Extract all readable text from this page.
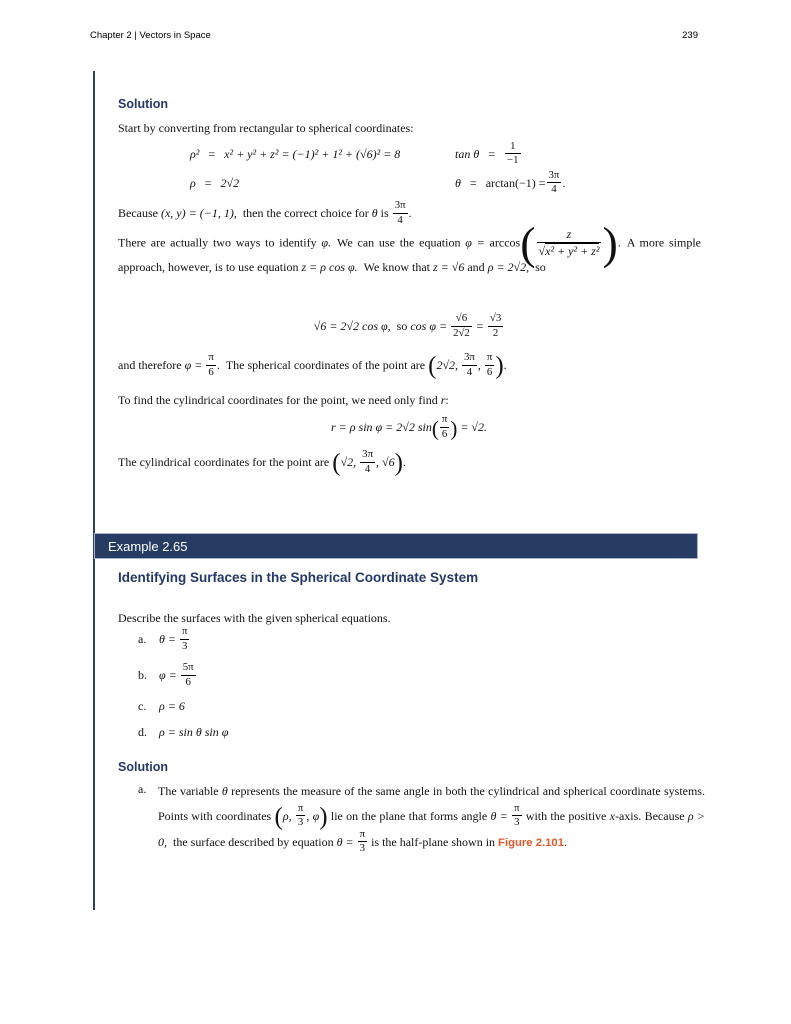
Chapter 2 | Vectors in Space	239
Solution

Start by converting from rectangular to spherical coordinates:

ρ² = x² + y² + z² = (−1)² + 1² + (√6)² = 8
ρ = 2√2
$\tan \theta = \frac{1}{-1}$
$\theta = \arctan(-1) = \frac{3\pi}{4}$ .

Because (x, y) = (−1, 1), then the correct choice for θ is $\frac{3\pi}{4}$ .

There are actually two ways to identify φ. We can use the equation $\varphi = \arccos( \frac{z}{\text{√x² + y² + z²}}$ ). A more simple approach, however, is to use equation z = ρ cos φ. We know that z = √6 and ρ = 2√2, so

√6 = 2√2 cos φ, so $\cos \varphi = \frac{√6}{2√2} = \frac{√3}{2}$

and therefore $\varphi = \frac{\pi}{6}$ . The spherical coordinates of the point are (2√2, $\frac{3\pi}{4}$ , $\frac{\pi}{6}$ ).

To find the cylindrical coordinates for the point, we need only find r:

r = ρ sin φ = 2√2 $\sin( \frac{\pi}{6}$ ) = √2.

The cylindrical coordinates for the point are (√2, $\frac{3\pi}{4}$ , √6).

Example 2.65
Identifying Surfaces in the Spherical Coordinate System

Describe the surfaces with the given spherical equations.

a. $\theta = \frac{\pi}{3}$
b. $\varphi = \frac{5\pi}{6}$
c. ρ = 6
d. ρ = sin θ sin φ
Solution
a. The variable θ represents the measure of the same angle in both the cylindrical and spherical coordinate systems. Points with coordinates (ρ, $\frac{\pi}{3}$ , φ) lie on the plane that forms angle $\theta = \frac{\pi}{3}$ with the positive x-axis. Because ρ > 0, the surface described by equation $\theta = \frac{\pi}{3}$ is the half-plane shown in Figure 2.101.
